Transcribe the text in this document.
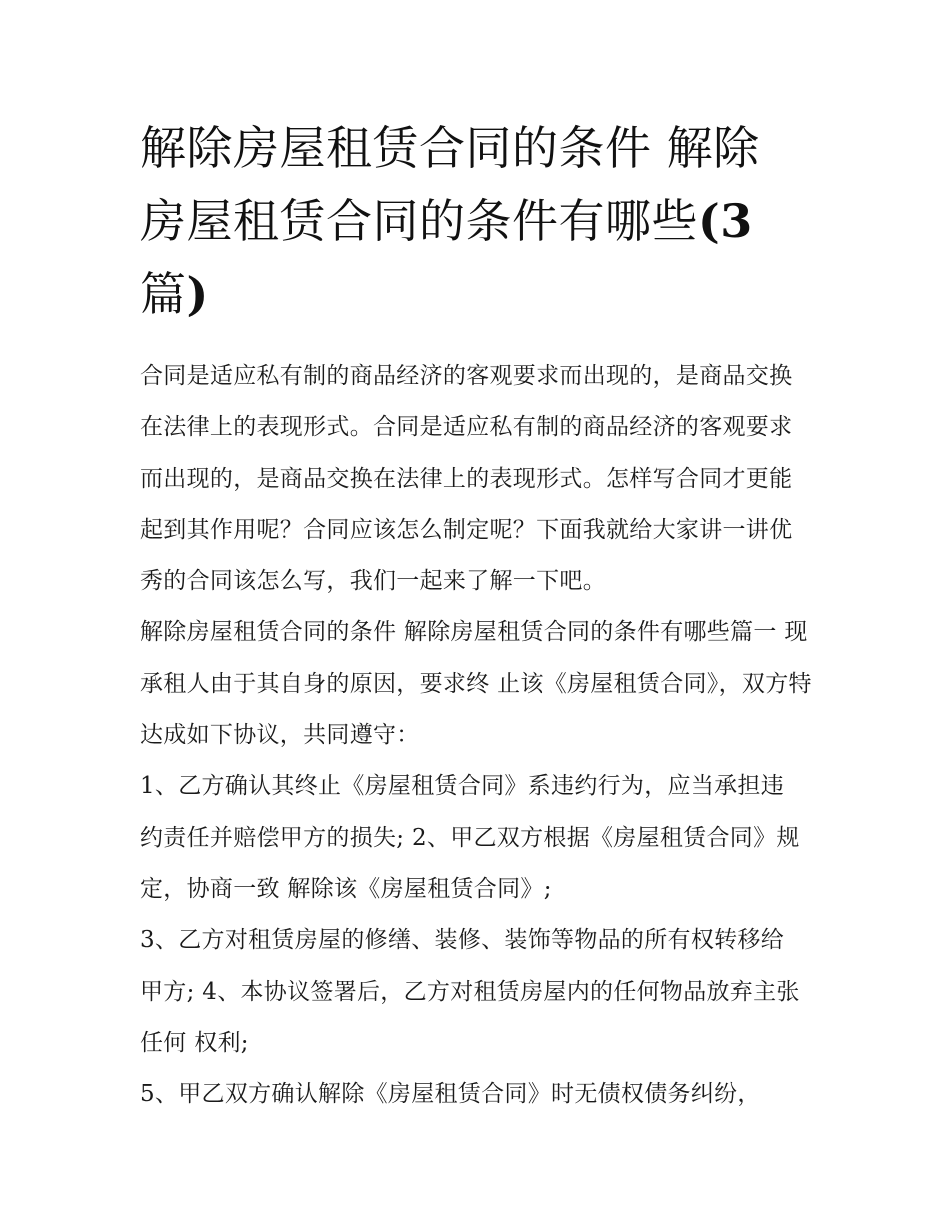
解除房屋租赁合同的条件 解除
房屋租赁合同的条件有哪些(3
篇)

合同是适应私有制的商品经济的客观要求而出现的，是商品交换在法律上的表现形式。合同是适应私有制的商品经济的客观要求而出现的，是商品交换在法律上的表现形式。怎样写合同才更能起到其作用呢？合同应该怎么制定呢？下面我就给大家讲一讲优秀的合同该怎么写，我们一起来了解一下吧。

解除房屋租赁合同的条件 解除房屋租赁合同的条件有哪些篇一 现承租人由于其自身的原因，要求终 止该《房屋租赁合同》，双方特达成如下协议，共同遵守：

1、乙方确认其终止《房屋租赁合同》系违约行为，应当承担违 约责任并赔偿甲方的损失; 2、甲乙双方根据《房屋租赁合同》规定，协商一致 解除该《房屋租赁合同》;

3、乙方对租赁房屋的修缮、装修、装饰等物品的所有权转移给 甲方; 4、本协议签署后，乙方对租赁房屋内的任何物品放弃主张任何 权利;

5、甲乙双方确认解除《房屋租赁合同》时无债权债务纠纷，
